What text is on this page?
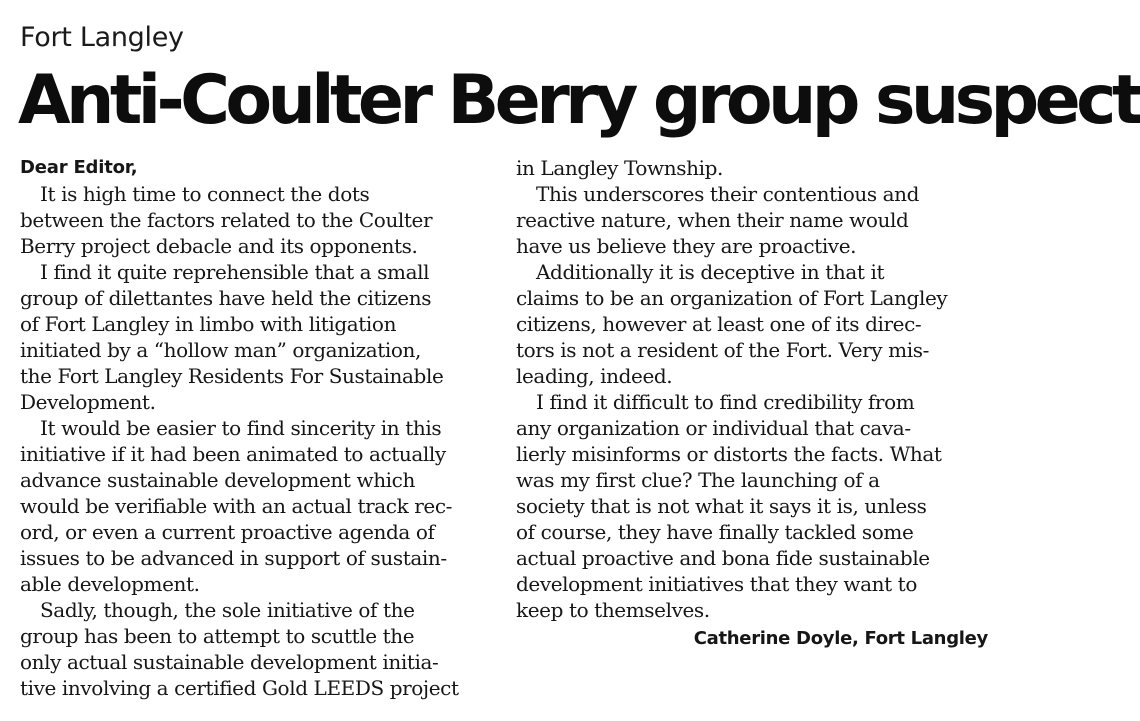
Fort Langley
Anti-Coulter Berry group suspect
Dear Editor,
It is high time to connect the dots
between the factors related to the Coulter
Berry project debacle and its opponents.
I find it quite reprehensible that a small
group of dilettantes have held the citizens
of Fort Langley in limbo with litigation
initiated by a “hollow man” organization,
the Fort Langley Residents For Sustainable
Development.
It would be easier to find sincerity in this
initiative if it had been animated to actually
advance sustainable development which
would be verifiable with an actual track rec-
ord, or even a current proactive agenda of
issues to be advanced in support of sustain-
able development.
Sadly, though, the sole initiative of the
group has been to attempt to scuttle the
only actual sustainable development initia-
tive involving a certified Gold LEEDS project
in Langley Township.
This underscores their contentious and
reactive nature, when their name would
have us believe they are proactive.
Additionally it is deceptive in that it
claims to be an organization of Fort Langley
citizens, however at least one of its direc-
tors is not a resident of the Fort. Very mis-
leading, indeed.
I find it difficult to find credibility from
any organization or individual that cava-
lierly misinforms or distorts the facts. What
was my first clue? The launching of a
society that is not what it says it is, unless
of course, they have finally tackled some
actual proactive and bona fide sustainable
development initiatives that they want to
keep to themselves.
Catherine Doyle, Fort Langley
